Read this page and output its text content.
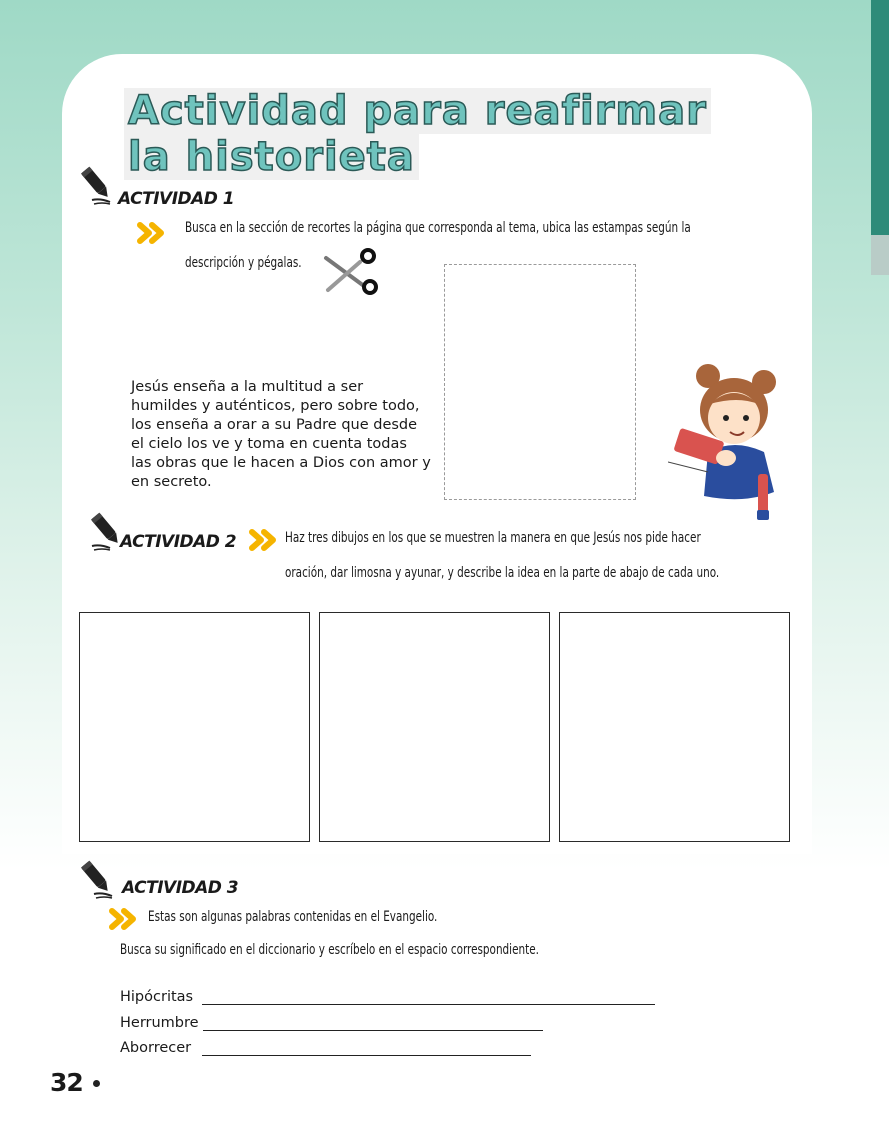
Actividad para reafirmar
la historieta
ACTIVIDAD 1
Busca en la sección de recortes la página que corresponda al tema, ubica las estampas según la
descripción y pégalas.
Jesús enseña a la multitud a ser humildes y auténticos, pero sobre todo, los enseña a orar a su Padre que desde el cielo los ve y toma en cuenta todas las obras que le hacen a Dios con amor y en secreto.
ACTIVIDAD 2	Haz tres dibujos en los que se muestren la manera en que Jesús nos pide hacer
oración, dar limosna y ayunar, y describe la idea en la parte de abajo de cada uno.
ACTIVIDAD 3
Estas son algunas palabras contenidas en el Evangelio.
Busca su significado en el diccionario y escríbelo en el espacio correspondiente.
Hipócritas
Herrumbre
Aborrecer
32
